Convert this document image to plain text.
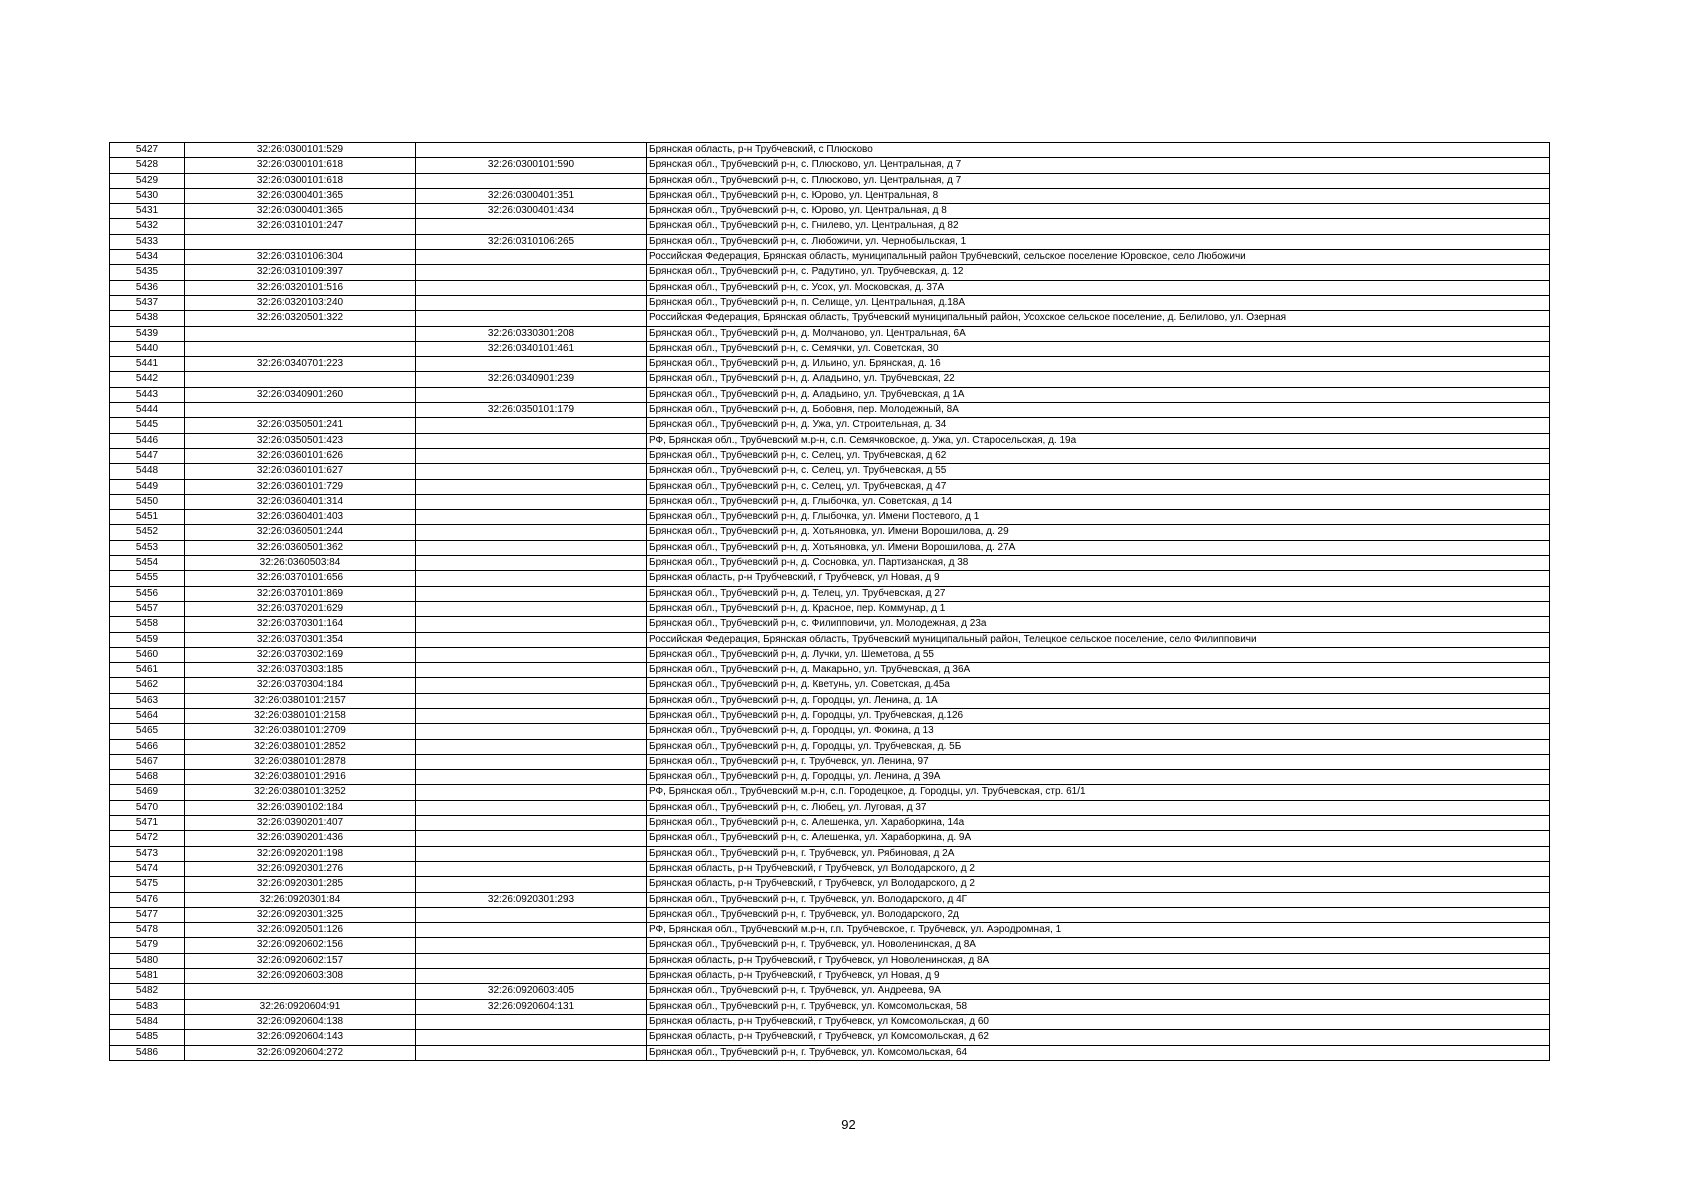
5427	32:26:0300101:529		Брянская область, р-н Трубчевский, с Плюсково
5428	32:26:0300101:618	32:26:0300101:590	Брянская обл., Трубчевский р-н, с. Плюсково, ул. Центральная, д 7
5429	32:26:0300101:618		Брянская обл., Трубчевский р-н, с. Плюсково, ул. Центральная, д 7
5430	32:26:0300401:365	32:26:0300401:351	Брянская обл., Трубчевский р-н, с. Юрово, ул. Центральная, 8
5431	32:26:0300401:365	32:26:0300401:434	Брянская обл., Трубчевский р-н, с. Юрово, ул. Центральная, д 8
5432	32:26:0310101:247		Брянская обл., Трубчевский р-н, с. Гнилево, ул. Центральная, д 82
5433		32:26:0310106:265	Брянская обл., Трубчевский р-н, с. Любожичи, ул. Чернобыльская, 1
5434	32:26:0310106:304		Российская Федерация, Брянская область, муниципальный район Трубчевский, сельское поселение Юровское, село Любожичи
5435	32:26:0310109:397		Брянская обл., Трубчевский р-н, с. Радутино, ул. Трубчевская, д. 12
5436	32:26:0320101:516		Брянская обл., Трубчевский р-н, с. Усох, ул. Московская, д. 37А
5437	32:26:0320103:240		Брянская обл., Трубчевский р-н, п. Селище, ул. Центральная, д.18А
5438	32:26:0320501:322		Российская Федерация, Брянская область, Трубчевский муниципальный район, Усохское сельское поселение, д. Белилово, ул. Озерная
5439		32:26:0330301:208	Брянская обл., Трубчевский р-н, д. Молчаново, ул. Центральная, 6А
5440		32:26:0340101:461	Брянская обл., Трубчевский р-н, с. Семячки, ул. Советская, 30
5441	32:26:0340701:223		Брянская обл., Трубчевский р-н, д. Ильино, ул. Брянская, д. 16
5442		32:26:0340901:239	Брянская обл., Трубчевский р-н, д. Аладьино, ул. Трубчевская, 22
5443	32:26:0340901:260		Брянская обл., Трубчевский р-н, д. Аладьино, ул. Трубчевская, д 1А
5444		32:26:0350101:179	Брянская обл., Трубчевский р-н, д. Бобовня, пер. Молодежный, 8А
5445	32:26:0350501:241		Брянская обл., Трубчевский р-н, д. Ужа, ул. Строительная, д. 34
5446	32:26:0350501:423		РФ, Брянская обл., Трубчевский м.р-н, с.п. Семячковское, д. Ужа, ул. Старосельская, д. 19а
5447	32:26:0360101:626		Брянская обл., Трубчевский р-н, с. Селец, ул. Трубчевская, д 62
5448	32:26:0360101:627		Брянская обл., Трубчевский р-н, с. Селец, ул. Трубчевская, д 55
5449	32:26:0360101:729		Брянская обл., Трубчевский р-н, с. Селец, ул. Трубчевская, д 47
5450	32:26:0360401:314		Брянская обл., Трубчевский р-н, д. Глыбочка, ул. Советская, д 14
5451	32:26:0360401:403		Брянская обл., Трубчевский р-н, д. Глыбочка, ул. Имени Постевого, д 1
5452	32:26:0360501:244		Брянская обл., Трубчевский р-н, д. Хотьяновка, ул. Имени Ворошилова, д. 29
5453	32:26:0360501:362		Брянская обл., Трубчевский р-н, д. Хотьяновка, ул. Имени Ворошилова, д. 27А
5454	32:26:0360503:84		Брянская обл., Трубчевский р-н, д. Сосновка, ул. Партизанская, д 38
5455	32:26:0370101:656		Брянская область, р-н Трубчевский, г Трубчевск, ул Новая, д 9
5456	32:26:0370101:869		Брянская обл., Трубчевский р-н, д. Телец, ул. Трубчевская, д 27
5457	32:26:0370201:629		Брянская обл., Трубчевский р-н, д. Красное, пер. Коммунар, д 1
5458	32:26:0370301:164		Брянская обл., Трубчевский р-н, с. Филипповичи, ул. Молодежная, д 23а
5459	32:26:0370301:354		Российская Федерация, Брянская область, Трубчевский муниципальный район, Телецкое сельское поселение, село Филипповичи
5460	32:26:0370302:169		Брянская обл., Трубчевский р-н, д. Лучки, ул. Шеметова, д 55
5461	32:26:0370303:185		Брянская обл., Трубчевский р-н, д. Макарьно, ул. Трубчевская, д 36А
5462	32:26:0370304:184		Брянская обл., Трубчевский р-н, д. Кветунь, ул. Советская, д.45а
5463	32:26:0380101:2157		Брянская обл., Трубчевский р-н, д. Городцы, ул. Ленина, д. 1А
5464	32:26:0380101:2158		Брянская обл., Трубчевский р-н, д. Городцы, ул. Трубчевская, д.126
5465	32:26:0380101:2709		Брянская обл., Трубчевский р-н, д. Городцы, ул. Фокина, д 13
5466	32:26:0380101:2852		Брянская обл., Трубчевский р-н, д. Городцы, ул. Трубчевская, д. 5Б
5467	32:26:0380101:2878		Брянская обл., Трубчевский р-н, г. Трубчевск, ул. Ленина, 97
5468	32:26:0380101:2916		Брянская обл., Трубчевский р-н, д. Городцы, ул. Ленина, д 39А
5469	32:26:0380101:3252		РФ, Брянская обл., Трубчевский м.р-н, с.п. Городецкое, д. Городцы, ул. Трубчевская, стр. 61/1
5470	32:26:0390102:184		Брянская обл., Трубчевский р-н, с. Любец, ул. Луговая, д 37
5471	32:26:0390201:407		Брянская обл., Трубчевский р-н, с. Алешенка, ул. Хараборкина, 14а
5472	32:26:0390201:436		Брянская обл., Трубчевский р-н, с. Алешенка, ул. Хараборкина, д. 9А
5473	32:26:0920201:198		Брянская обл., Трубчевский р-н, г. Трубчевск, ул. Рябиновая, д 2А
5474	32:26:0920301:276		Брянская область, р-н Трубчевский, г Трубчевск, ул Володарского, д 2
5475	32:26:0920301:285		Брянская область, р-н Трубчевский, г Трубчевск, ул Володарского, д 2
5476	32:26:0920301:84	32:26:0920301:293	Брянская обл., Трубчевский р-н, г. Трубчевск, ул. Володарского, д 4Г
5477	32:26:0920301:325		Брянская обл., Трубчевский р-н, г. Трубчевск, ул. Володарского, 2д
5478	32:26:0920501:126		РФ, Брянская обл., Трубчевский м.р-н, г.п. Трубчевское, г. Трубчевск, ул. Аэродромная, 1
5479	32:26:0920602:156		Брянская обл., Трубчевский р-н, г. Трубчевск, ул. Новоленинская, д 8А
5480	32:26:0920602:157		Брянская область, р-н Трубчевский, г Трубчевск, ул Новоленинская, д 8А
5481	32:26:0920603:308		Брянская область, р-н Трубчевский, г Трубчевск, ул Новая, д 9
5482		32:26:0920603:405	Брянская обл., Трубчевский р-н, г. Трубчевск, ул. Андреева, 9А
5483	32:26:0920604:91	32:26:0920604:131	Брянская обл., Трубчевский р-н, г. Трубчевск, ул. Комсомольская, 58
5484	32:26:0920604:138		Брянская область, р-н Трубчевский, г Трубчевск, ул Комсомольская, д 60
5485	32:26:0920604:143		Брянская область, р-н Трубчевский, г Трубчевск, ул Комсомольская, д 62
5486	32:26:0920604:272		Брянская обл., Трубчевский р-н, г. Трубчевск, ул. Комсомольская, 64
92
